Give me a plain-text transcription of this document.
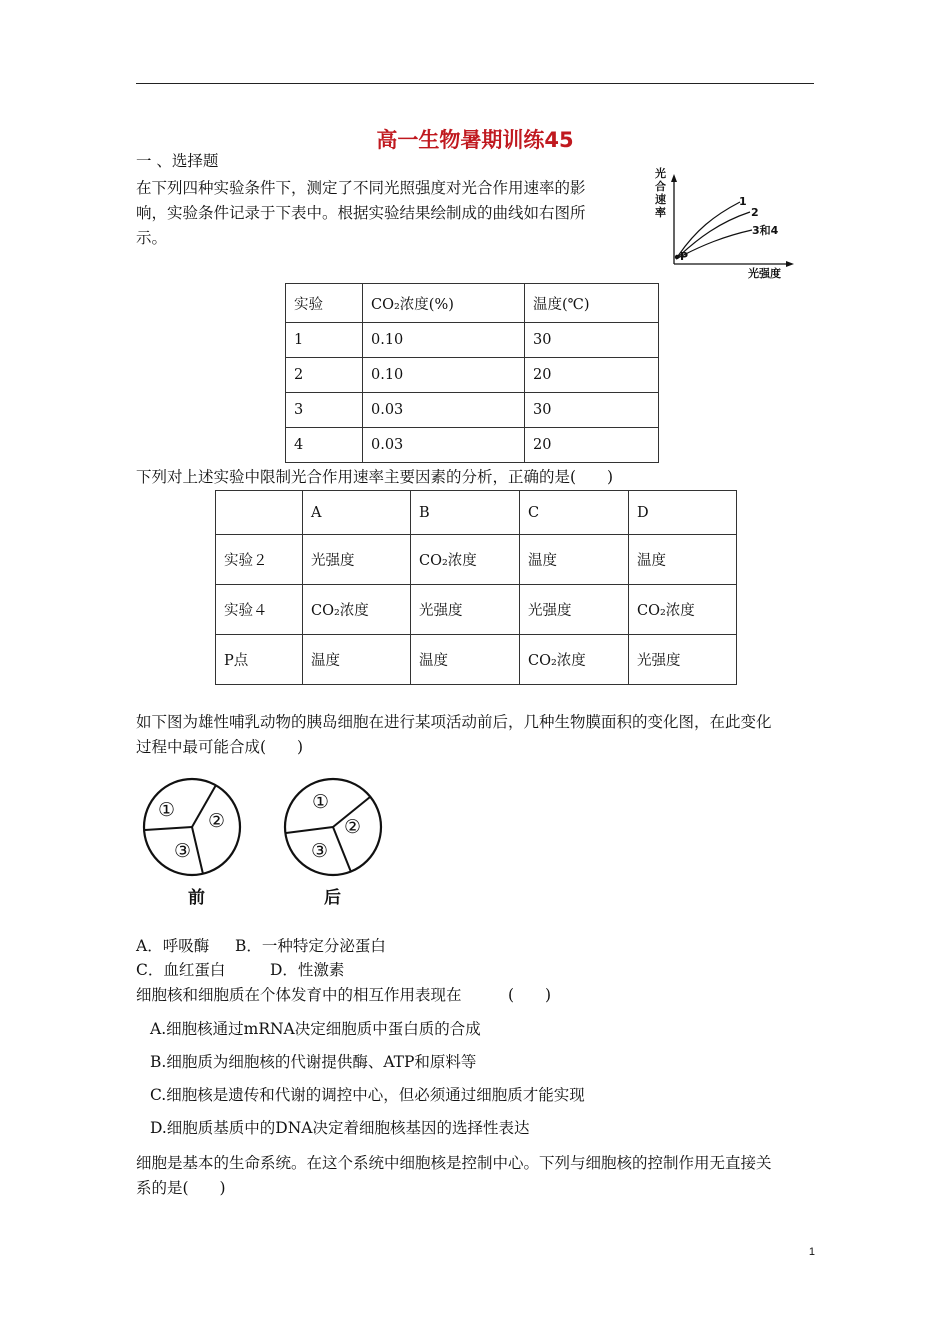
高一生物暑期训练45
一 、选择题
在下列四种实验条件下，测定了不同光照强度对光合作用速率的影
响，实验条件记录于下表中。根据实验结果绘制成的曲线如右图所
示。
光
合
速
率
1
2
3和4
P
光强度
实验	CO₂浓度(%)	温度(℃)
1	0.10	30
2	0.10	20
3	0.03	30
4	0.03	20
下列对上述实验中限制光合作用速率主要因素的分析，正确的是(　　)
	A	B	C	D
实验２	光强度	CO₂浓度	温度	温度
实验４	CO₂浓度	光强度	光强度	CO₂浓度
P点	温度	温度	CO₂浓度	光强度
如下图为雄性哺乳动物的胰岛细胞在进行某项活动前后，几种生物膜面积的变化图，在此变化
过程中最可能合成(　　)
① ②
③
前
①
②
③
后
A．呼吸酶 B．一种特定分泌蛋白
C．血红蛋白	D．性激素
细胞核和细胞质在个体发育中的相互作用表现在　　　(　　)
A.细胞核通过mRNA决定细胞质中蛋白质的合成
B.细胞质为细胞核的代谢提供酶、ATP和原料等
C.细胞核是遗传和代谢的调控中心，但必须通过细胞质才能实现
D.细胞质基质中的DNA决定着细胞核基因的选择性表达
细胞是基本的生命系统。在这个系统中细胞核是控制中心。下列与细胞核的控制作用无直接关
系的是(　　)
1
